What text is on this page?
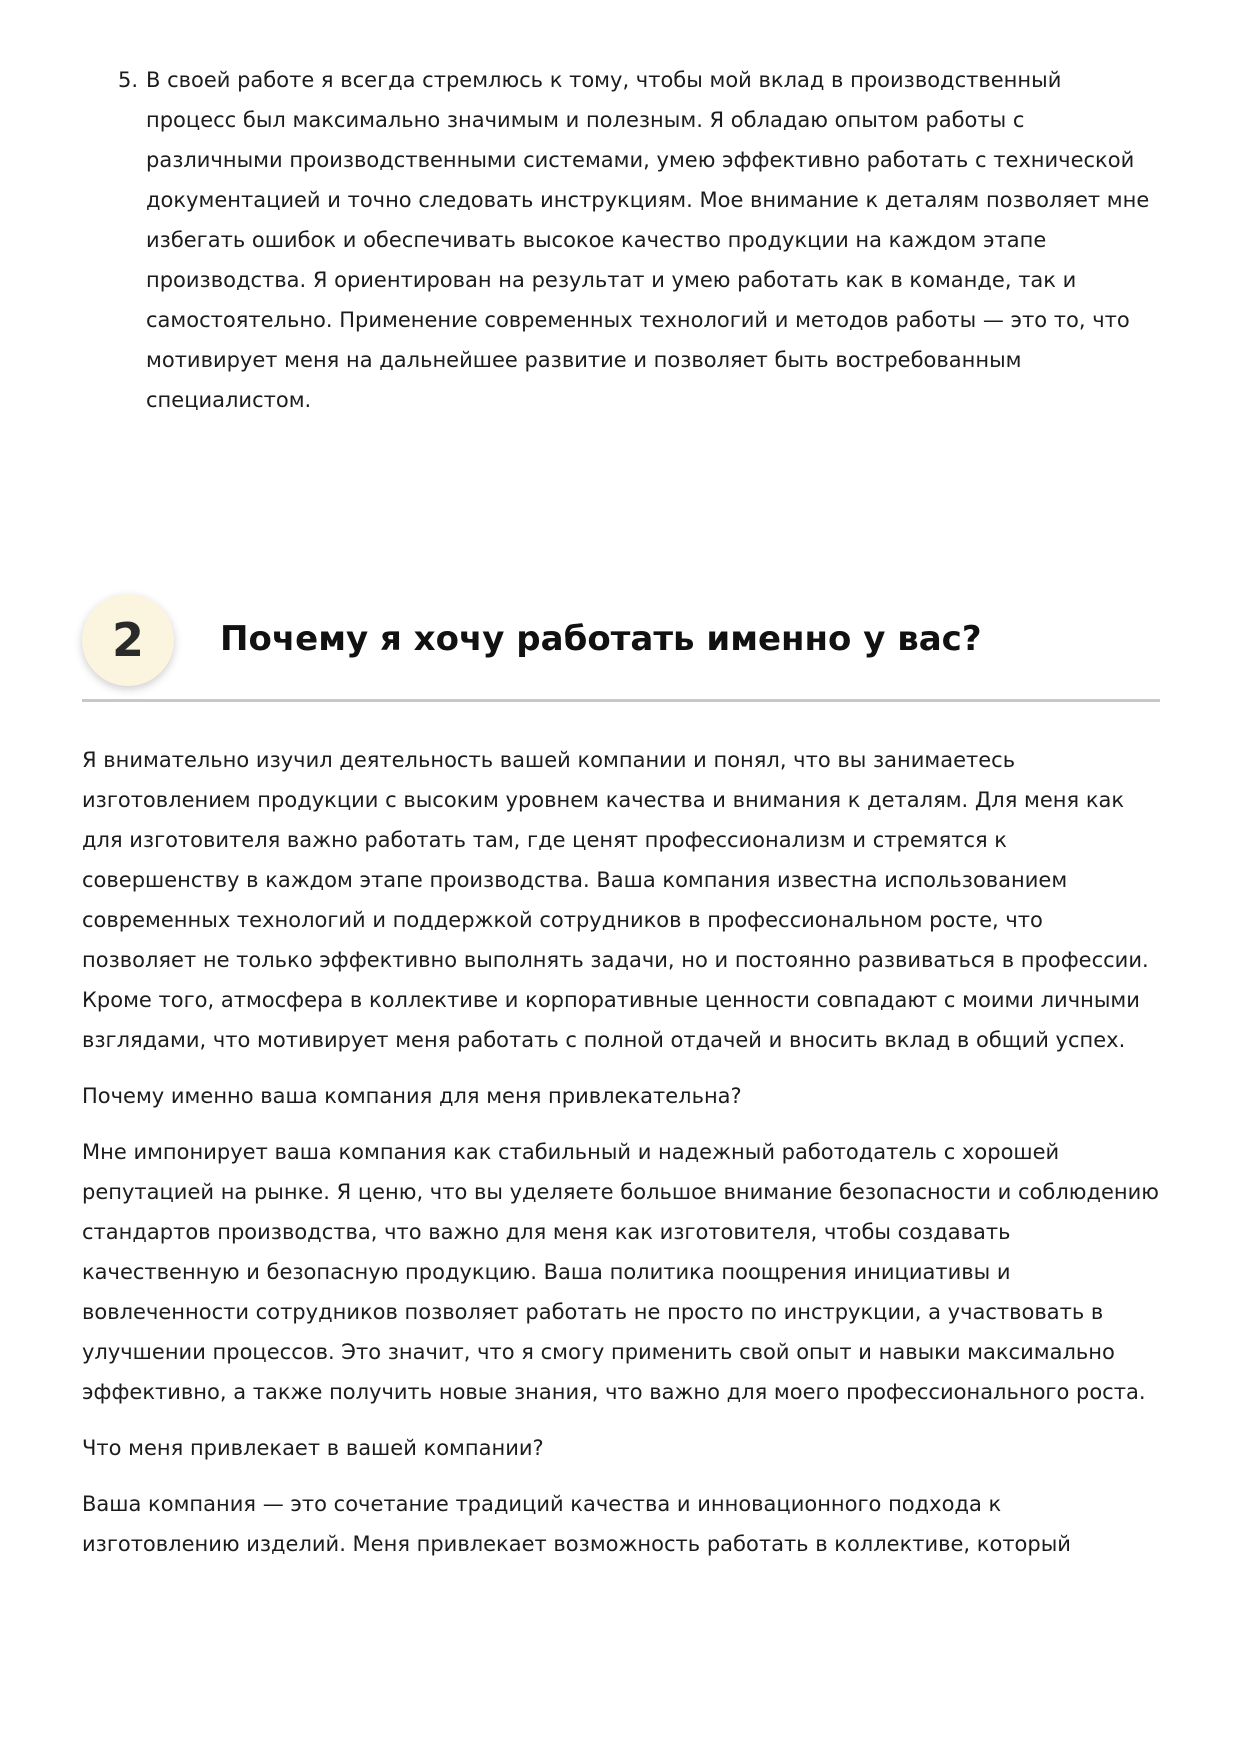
5. В своей работе я всегда стремлюсь к тому, чтобы мой вклад в производственный процесс был максимально значимым и полезным. Я обладаю опытом работы с различными производственными системами, умею эффективно работать с технической документацией и точно следовать инструкциям. Мое внимание к деталям позволяет мне избегать ошибок и обеспечивать высокое качество продукции на каждом этапе производства. Я ориентирован на результат и умею работать как в команде, так и самостоятельно. Применение современных технологий и методов работы — это то, что мотивирует меня на дальнейшее развитие и позволяет быть востребованным специалистом.
2	Почему я хочу работать именно у вас?

Я внимательно изучил деятельность вашей компании и понял, что вы занимаетесь изготовлением продукции с высоким уровнем качества и внимания к деталям. Для меня как для изготовителя важно работать там, где ценят профессионализм и стремятся к совершенству в каждом этапе производства. Ваша компания известна использованием современных технологий и поддержкой сотрудников в профессиональном росте, что позволяет не только эффективно выполнять задачи, но и постоянно развиваться в профессии. Кроме того, атмосфера в коллективе и корпоративные ценности совпадают с моими личными взглядами, что мотивирует меня работать с полной отдачей и вносить вклад в общий успех.

Почему именно ваша компания для меня привлекательна?

Мне импонирует ваша компания как стабильный и надежный работодатель с хорошей репутацией на рынке. Я ценю, что вы уделяете большое внимание безопасности и соблюдению стандартов производства, что важно для меня как изготовителя, чтобы создавать качественную и безопасную продукцию. Ваша политика поощрения инициативы и вовлеченности сотрудников позволяет работать не просто по инструкции, а участвовать в улучшении процессов. Это значит, что я смогу применить свой опыт и навыки максимально эффективно, а также получить новые знания, что важно для моего профессионального роста.

Что меня привлекает в вашей компании?

Ваша компания — это сочетание традиций качества и инновационного подхода к изготовлению изделий. Меня привлекает возможность работать в коллективе, который
